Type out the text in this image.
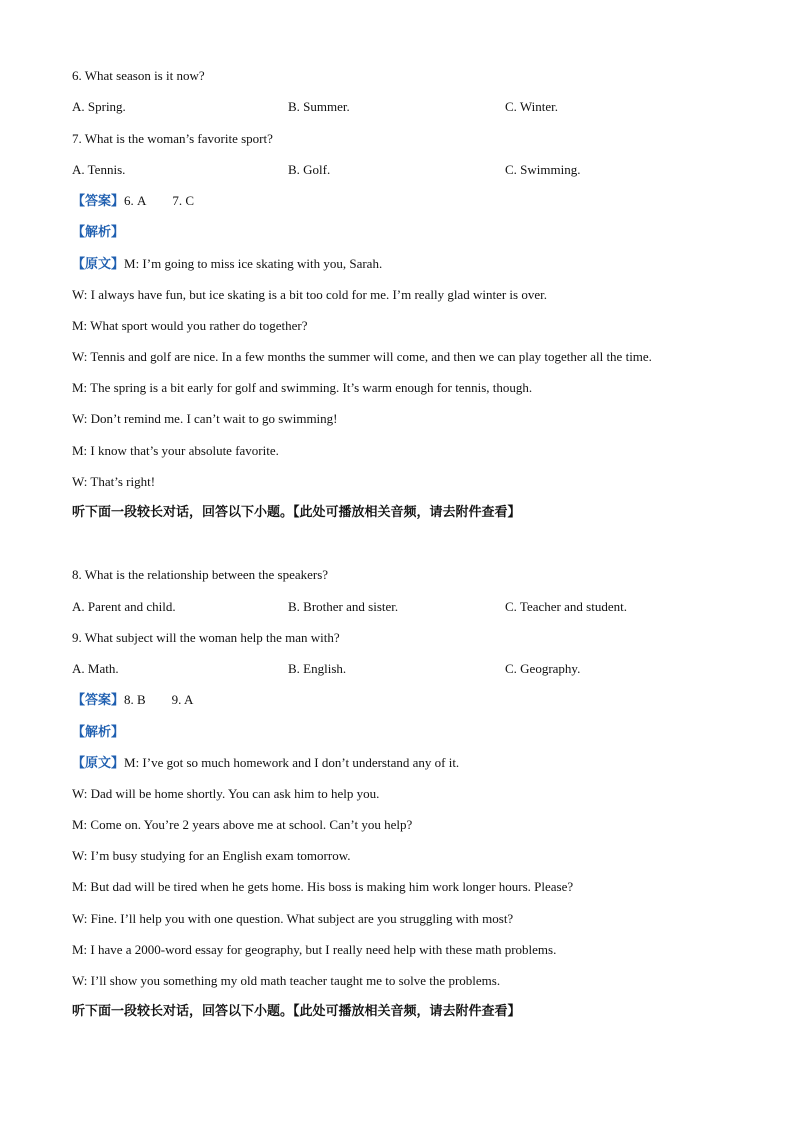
6. What season is it now?
A. Spring.	B. Summer.	C. Winter.
7. What is the woman’s favorite sport?
A. Tennis.	B. Golf.	C. Swimming.
【答案】6. A        7. C
【解析】
【原文】M: I’m going to miss ice skating with you, Sarah.
W: I always have fun, but ice skating is a bit too cold for me. I’m really glad winter is over.
M: What sport would you rather do together?
W: Tennis and golf are nice. In a few months the summer will come, and then we can play together all the time.
M: The spring is a bit early for golf and swimming. It’s warm enough for tennis, though.
W: Don’t remind me. I can’t wait to go swimming!
M: I know that’s your absolute favorite.
W: That’s right!
听下面一段较长对话，回答以下小题。【此处可播放相关音频，请去附件查看】
8. What is the relationship between the speakers?
A. Parent and child.	B. Brother and sister.	C. Teacher and student.
9. What subject will the woman help the man with?
A. Math.	B. English.	C. Geography.
【答案】8. B        9. A
【解析】
【原文】M: I’ve got so much homework and I don’t understand any of it.
W: Dad will be home shortly. You can ask him to help you.
M: Come on. You’re 2 years above me at school. Can’t you help?
W: I’m busy studying for an English exam tomorrow.
M: But dad will be tired when he gets home. His boss is making him work longer hours. Please?
W: Fine. I’ll help you with one question. What subject are you struggling with most?
M: I have a 2000-word essay for geography, but I really need help with these math problems.
W: I’ll show you something my old math teacher taught me to solve the problems.
听下面一段较长对话，回答以下小题。【此处可播放相关音频，请去附件查看】
